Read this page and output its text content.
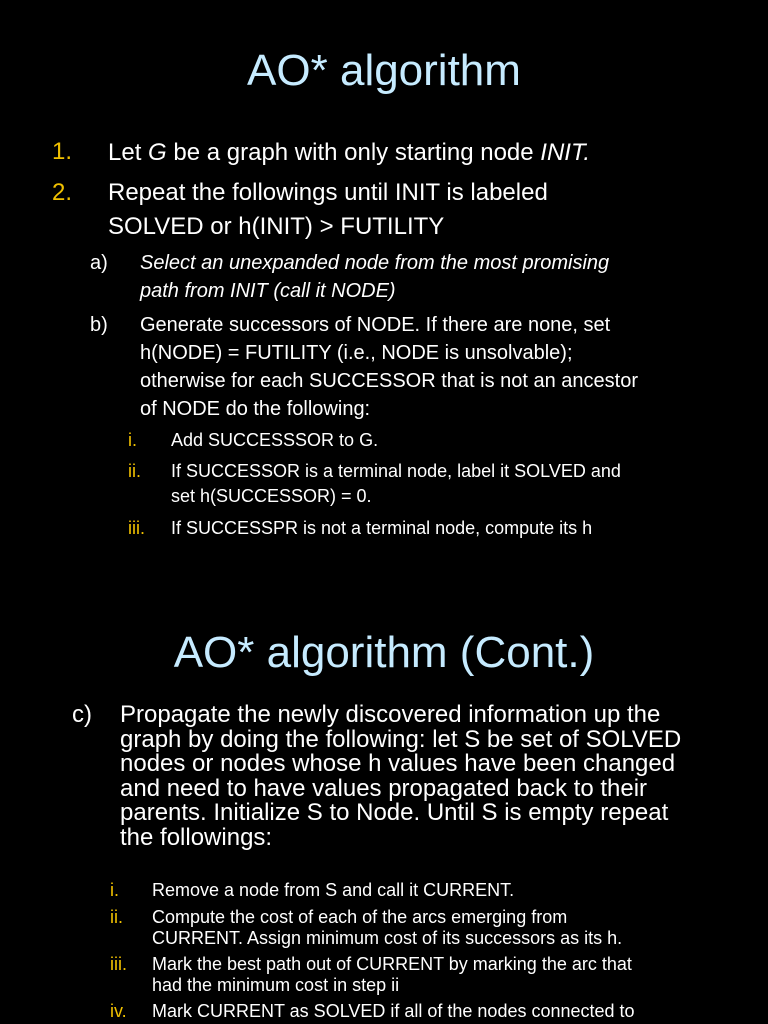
AO* algorithm
1. Let G be a graph with only starting node INIT.
2. Repeat the followings until INIT is labeled
SOLVED or h(INIT) > FUTILITY
a) Select an unexpanded node from the most promising
path from INIT (call it NODE)
b) Generate successors of NODE. If there are none, set
h(NODE) = FUTILITY (i.e., NODE is unsolvable);
otherwise for each SUCCESSOR that is not an ancestor
of NODE do the following:
i. Add SUCCESSSOR to G.
ii. If SUCCESSOR is a terminal node, label it SOLVED and
set h(SUCCESSOR) = 0.
iii. If SUCCESSPR is not a terminal node, compute its h
AO* algorithm (Cont.)
c) Propagate the newly discovered information up the
graph by doing the following: let S be set of SOLVED
nodes or nodes whose h values have been changed
and need to have values propagated back to their
parents. Initialize S to Node. Until S is empty repeat
the followings:
i. Remove a node from S and call it CURRENT.
ii. Compute the cost of each of the arcs emerging from
CURRENT. Assign minimum cost of its successors as its h.
iii. Mark the best path out of CURRENT by marking the arc that
had the minimum cost in step ii
iv. Mark CURRENT as SOLVED if all of the nodes connected to
